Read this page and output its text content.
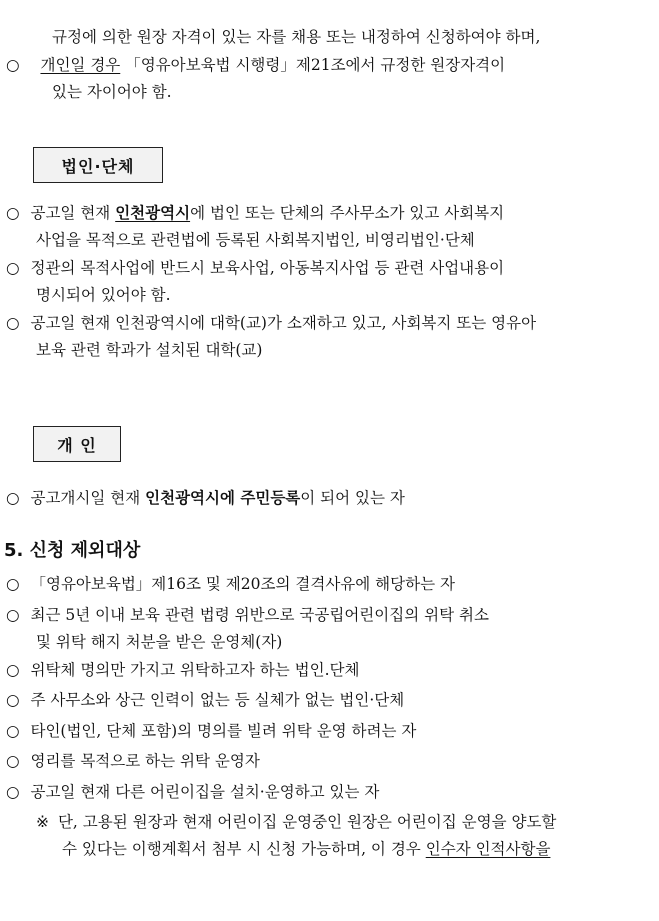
규정에 의한 원장 자격이 있는 자를 채용 또는 내정하여 신청하여야 하며,
○ 개인일 경우 「영유아보육법 시행령」제21조에서 규정한 원장자격이
있는 자이어야 함.
법인·단체
○ 공고일 현재 인천광역시에 법인 또는 단체의 주사무소가 있고 사회복지
사업을 목적으로 관련법에 등록된 사회복지법인, 비영리법인·단체
○ 정관의 목적사업에 반드시 보육사업, 아동복지사업 등 관련 사업내용이
명시되어 있어야 함.
○ 공고일 현재 인천광역시에 대학(교)가 소재하고 있고, 사회복지 또는 영유아
보육 관련 학과가 설치된 대학(교)
개 인
○ 공고개시일 현재 인천광역시에 주민등록이 되어 있는 자
5. 신청 제외대상
○ 「영유아보육법」제16조 및 제20조의 결격사유에 해당하는 자
○ 최근 5년 이내 보육 관련 법령 위반으로 국공립어린이집의 위탁 취소
및 위탁 해지 처분을 받은 운영체(자)
○ 위탁체 명의만 가지고 위탁하고자 하는 법인.단체
○ 주 사무소와 상근 인력이 없는 등 실체가 없는 법인·단체
○ 타인(법인, 단체 포함)의 명의를 빌려 위탁 운영 하려는 자
○ 영리를 목적으로 하는 위탁 운영자
○ 공고일 현재 다른 어린이집을 설치·운영하고 있는 자
※ 단, 고용된 원장과 현재 어린이집 운영중인 원장은 어린이집 운영을 양도할
수 있다는 이행계획서 첨부 시 신청 가능하며, 이 경우 인수자 인적사항을
